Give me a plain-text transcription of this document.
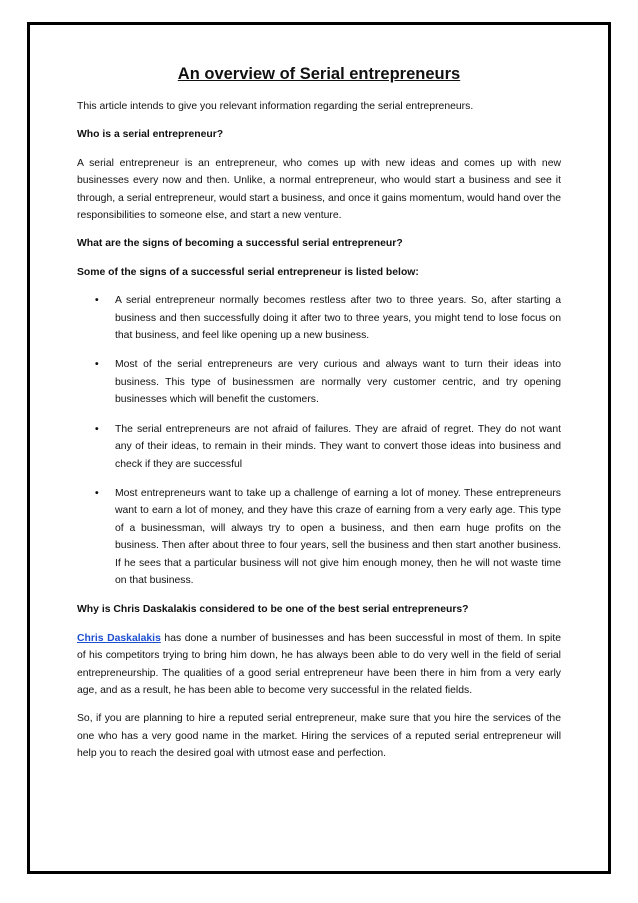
An overview of Serial entrepreneurs

This article intends to give you relevant information regarding the serial entrepreneurs.

Who is a serial entrepreneur?

A serial entrepreneur is an entrepreneur, who comes up with new ideas and comes up with new businesses every now and then. Unlike, a normal entrepreneur, who would start a business and see it through, a serial entrepreneur, would start a business, and once it gains momentum, would hand over the responsibilities to someone else, and start a new venture.

What are the signs of becoming a successful serial entrepreneur?

Some of the signs of a successful serial entrepreneur is listed below:

• A serial entrepreneur normally becomes restless after two to three years. So, after starting a business and then successfully doing it after two to three years, you might tend to lose focus on that business, and feel like opening up a new business.
• Most of the serial entrepreneurs are very curious and always want to turn their ideas into business. This type of businessmen are normally very customer centric, and try opening businesses which will benefit the customers.
• The serial entrepreneurs are not afraid of failures. They are afraid of regret. They do not want any of their ideas, to remain in their minds. They want to convert those ideas into business and check if they are successful
• Most entrepreneurs want to take up a challenge of earning a lot of money. These entrepreneurs want to earn a lot of money, and they have this craze of earning from a very early age. This type of a businessman, will always try to open a business, and then earn huge profits on the business. Then after about three to four years, sell the business and then start another business. If he sees that a particular business will not give him enough money, then he will not waste time on that business.

Why is Chris Daskalakis considered to be one of the best serial entrepreneurs?

Chris Daskalakis has done a number of businesses and has been successful in most of them. In spite of his competitors trying to bring him down, he has always been able to do very well in the field of serial entrepreneurship. The qualities of a good serial entrepreneur have been there in him from a very early age, and as a result, he has been able to become very successful in the related fields.

So, if you are planning to hire a reputed serial entrepreneur, make sure that you hire the services of the one who has a very good name in the market. Hiring the services of a reputed serial entrepreneur will help you to reach the desired goal with utmost ease and perfection.
